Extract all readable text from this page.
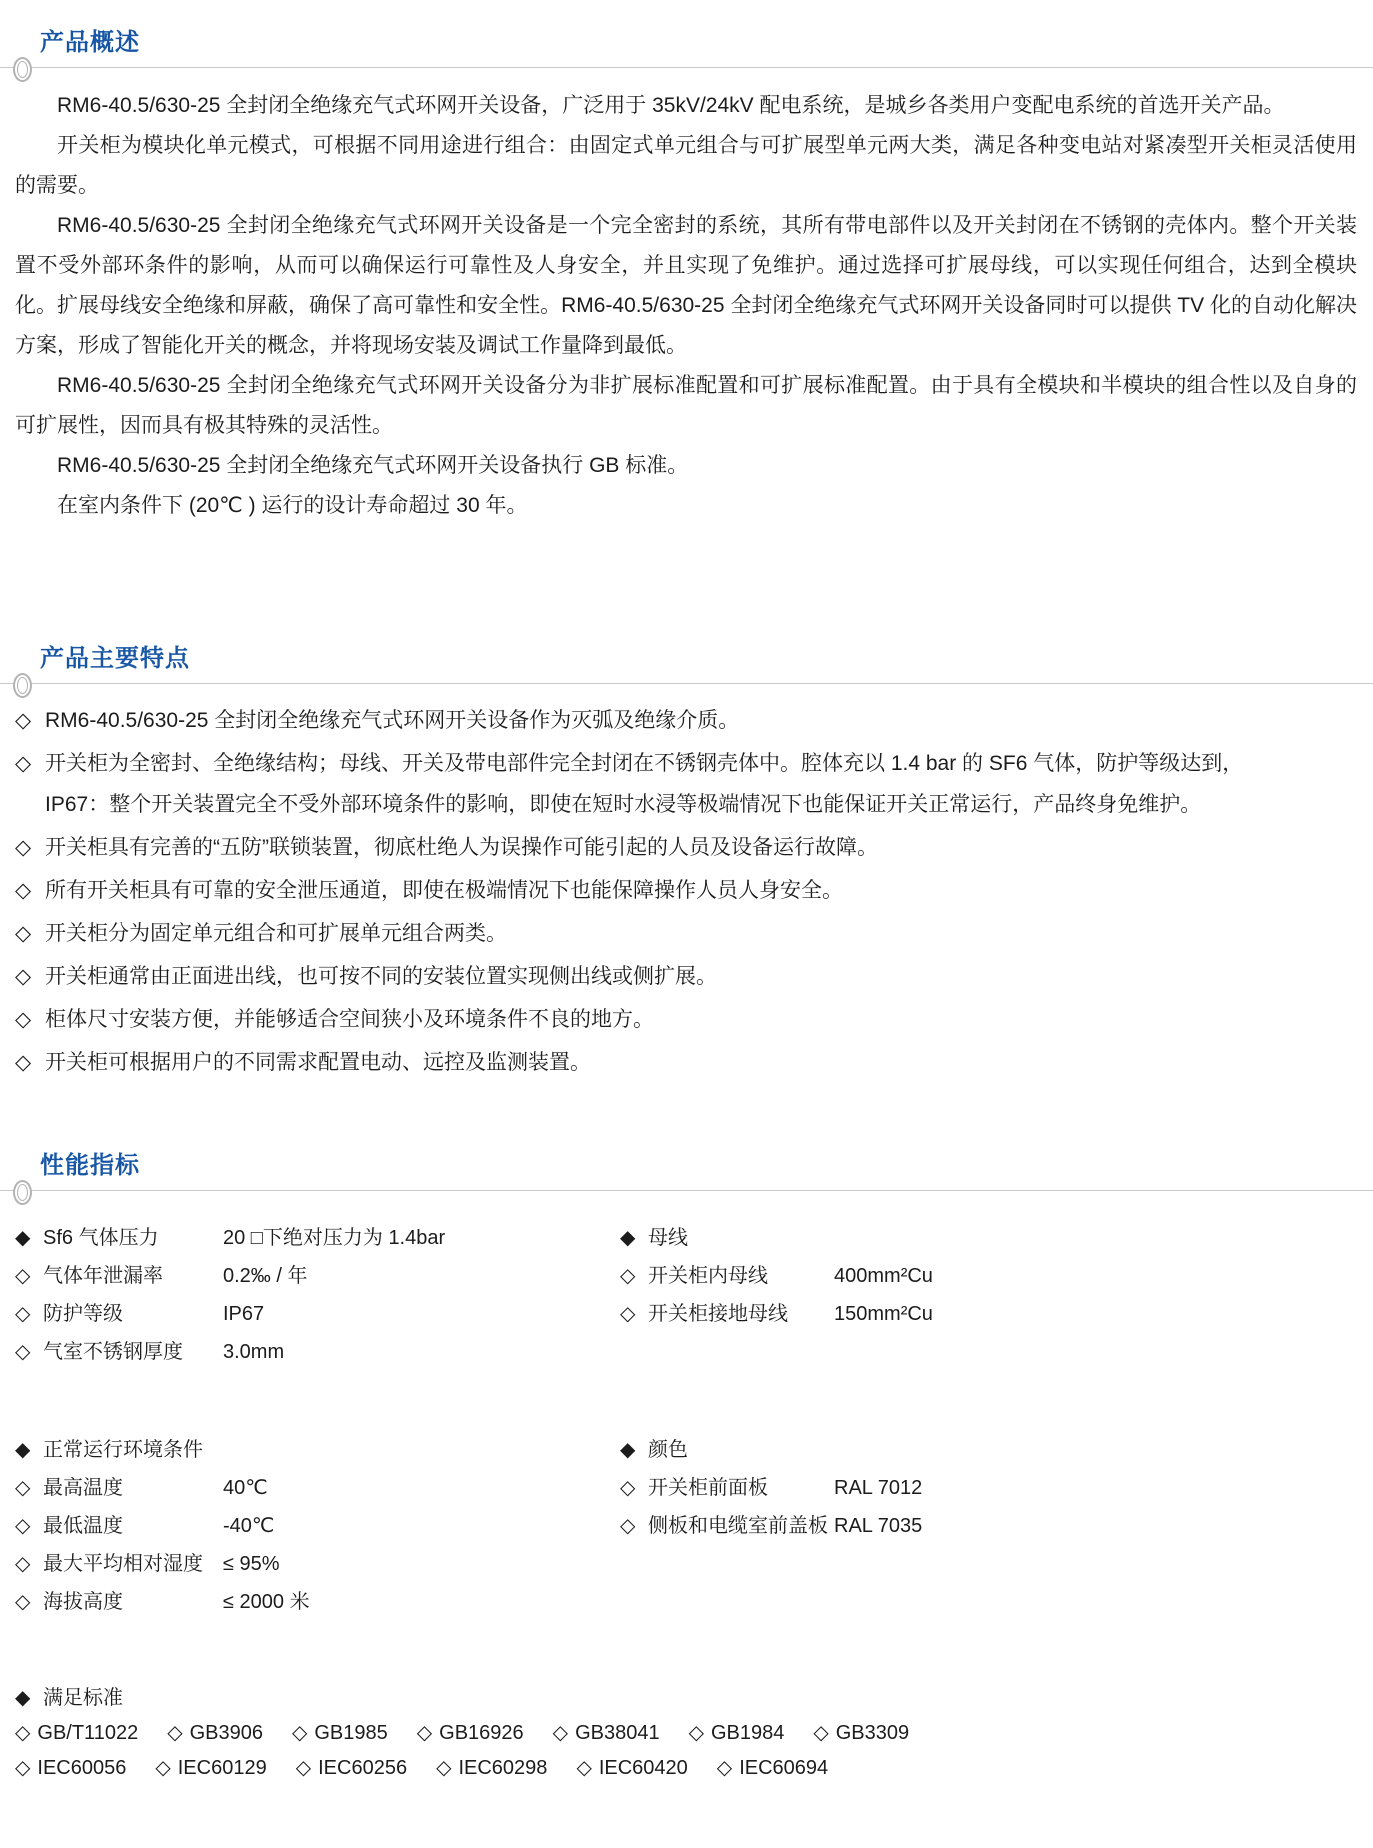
产品概述

RM6-40.5/630-25 全封闭全绝缘充气式环网开关设备，广泛用于 35kV/24kV 配电系统，是城乡各类用户变配电系统的首选开关产品。

开关柜为模块化单元模式，可根据不同用途进行组合：由固定式单元组合与可扩展型单元两大类，满足各种变电站对紧凑型开关柜灵活使用的需要。

RM6-40.5/630-25 全封闭全绝缘充气式环网开关设备是一个完全密封的系统，其所有带电部件以及开关封闭在不锈钢的壳体内。整个开关装置不受外部环条件的影响，从而可以确保运行可靠性及人身安全，并且实现了免维护。通过选择可扩展母线，可以实现任何组合，达到全模块化。扩展母线安全绝缘和屏蔽，确保了高可靠性和安全性。RM6-40.5/630-25 全封闭全绝缘充气式环网开关设备同时可以提供 TV 化的自动化解决方案，形成了智能化开关的概念，并将现场安装及调试工作量降到最低。

RM6-40.5/630-25 全封闭全绝缘充气式环网开关设备分为非扩展标准配置和可扩展标准配置。由于具有全模块和半模块的组合性以及自身的可扩展性，因而具有极其特殊的灵活性。

RM6-40.5/630-25 全封闭全绝缘充气式环网开关设备执行 GB 标准。

在室内条件下 (20℃ ) 运行的设计寿命超过 30 年。

产品主要特点
◇ RM6-40.5/630-25 全封闭全绝缘充气式环网开关设备作为灭弧及绝缘介质。
◇ 开关柜为全密封、全绝缘结构；母线、开关及带电部件完全封闭在不锈钢壳体中。腔体充以 1.4 bar 的 SF6 气体，防护等级达到，
IP67：整个开关装置完全不受外部环境条件的影响，即使在短时水浸等极端情况下也能保证开关正常运行，产品终身免维护。
◇ 开关柜具有完善的“五防”联锁装置，彻底杜绝人为误操作可能引起的人员及设备运行故障。
◇ 所有开关柜具有可靠的安全泄压通道，即使在极端情况下也能保障操作人员人身安全。
◇ 开关柜分为固定单元组合和可扩展单元组合两类。
◇ 开关柜通常由正面进出线，也可按不同的安装位置实现侧出线或侧扩展。
◇ 柜体尺寸安装方便，并能够适合空间狭小及环境条件不良的地方。
◇ 开关柜可根据用户的不同需求配置电动、远控及监测装置。
性能指标
◆ Sf6 气体压力	20 □下绝对压力为 1.4bar
◇ 气体年泄漏率	0.2‰ / 年
◇ 防护等级	IP67
◇ 气室不锈钢厚度	3.0mm
◆ 母线
◇ 开关柜内母线	400mm²Cu
◇ 开关柜接地母线	150mm²Cu
◆ 正常运行环境条件
◇ 最高温度	40℃
◇ 最低温度	-40℃
◇ 最大平均相对湿度	≤ 95%
◇ 海拔高度	≤ 2000 米
◆ 颜色
◇ 开关柜前面板	RAL 7012
◇ 侧板和电缆室前盖板 RAL 7035
◆ 满足标准
◇ GB/T11022 ◇ GB3906 ◇ GB1985 ◇ GB16926 ◇ GB38041 ◇ GB1984 ◇ GB3309
◇ IEC60056 ◇ IEC60129 ◇ IEC60256 ◇ IEC60298 ◇ IEC60420 ◇ IEC60694
